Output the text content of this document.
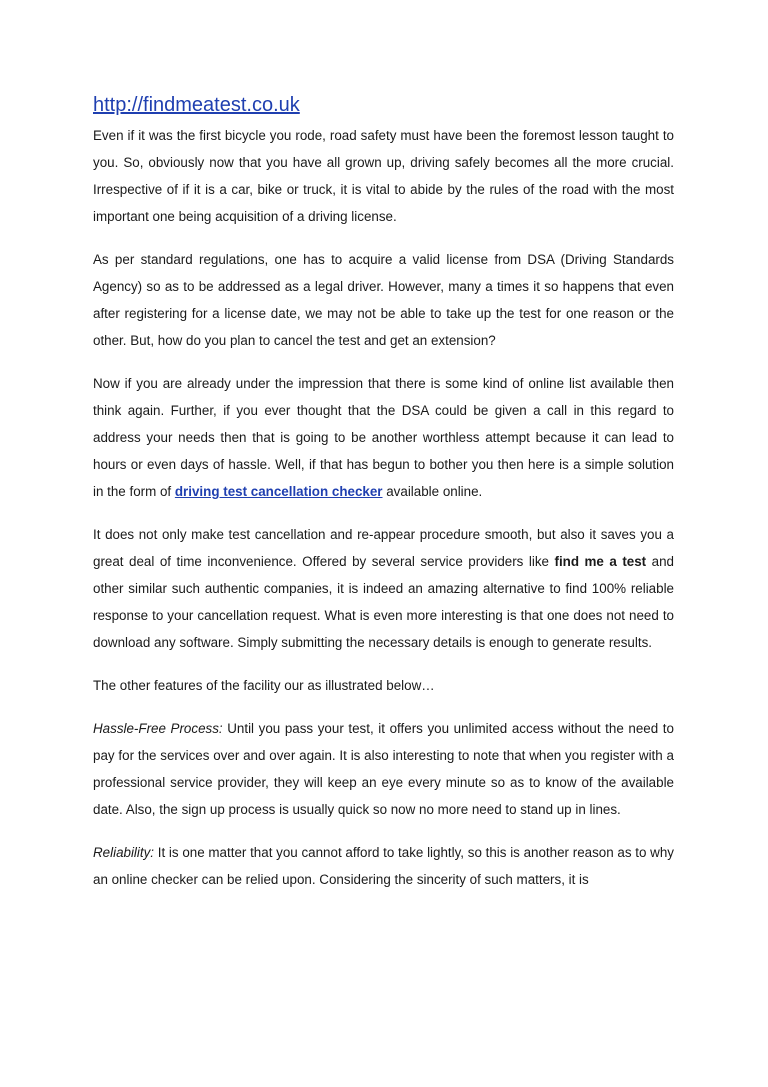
http://findmeatest.co.uk

Even if it was the first bicycle you rode, road safety must have been the foremost lesson taught to you. So, obviously now that you have all grown up, driving safely becomes all the more crucial. Irrespective of if it is a car, bike or truck, it is vital to abide by the rules of the road with the most important one being acquisition of a driving license.

As per standard regulations, one has to acquire a valid license from DSA (Driving Standards Agency) so as to be addressed as a legal driver. However, many a times it so happens that even after registering for a license date, we may not be able to take up the test for one reason or the other. But, how do you plan to cancel the test and get an extension?

Now if you are already under the impression that there is some kind of online list available then think again. Further, if you ever thought that the DSA could be given a call in this regard to address your needs then that is going to be another worthless attempt because it can lead to hours or even days of hassle. Well, if that has begun to bother you then here is a simple solution in the form of driving test cancellation checker available online.

It does not only make test cancellation and re-appear procedure smooth, but also it saves you a great deal of time inconvenience. Offered by several service providers like find me a test and other similar such authentic companies, it is indeed an amazing alternative to find 100% reliable response to your cancellation request. What is even more interesting is that one does not need to download any software. Simply submitting the necessary details is enough to generate results.

The other features of the facility our as illustrated below…

Hassle-Free Process: Until you pass your test, it offers you unlimited access without the need to pay for the services over and over again. It is also interesting to note that when you register with a professional service provider, they will keep an eye every minute so as to know of the available date. Also, the sign up process is usually quick so now no more need to stand up in lines.

Reliability: It is one matter that you cannot afford to take lightly, so this is another reason as to why an online checker can be relied upon. Considering the sincerity of such matters, it is
